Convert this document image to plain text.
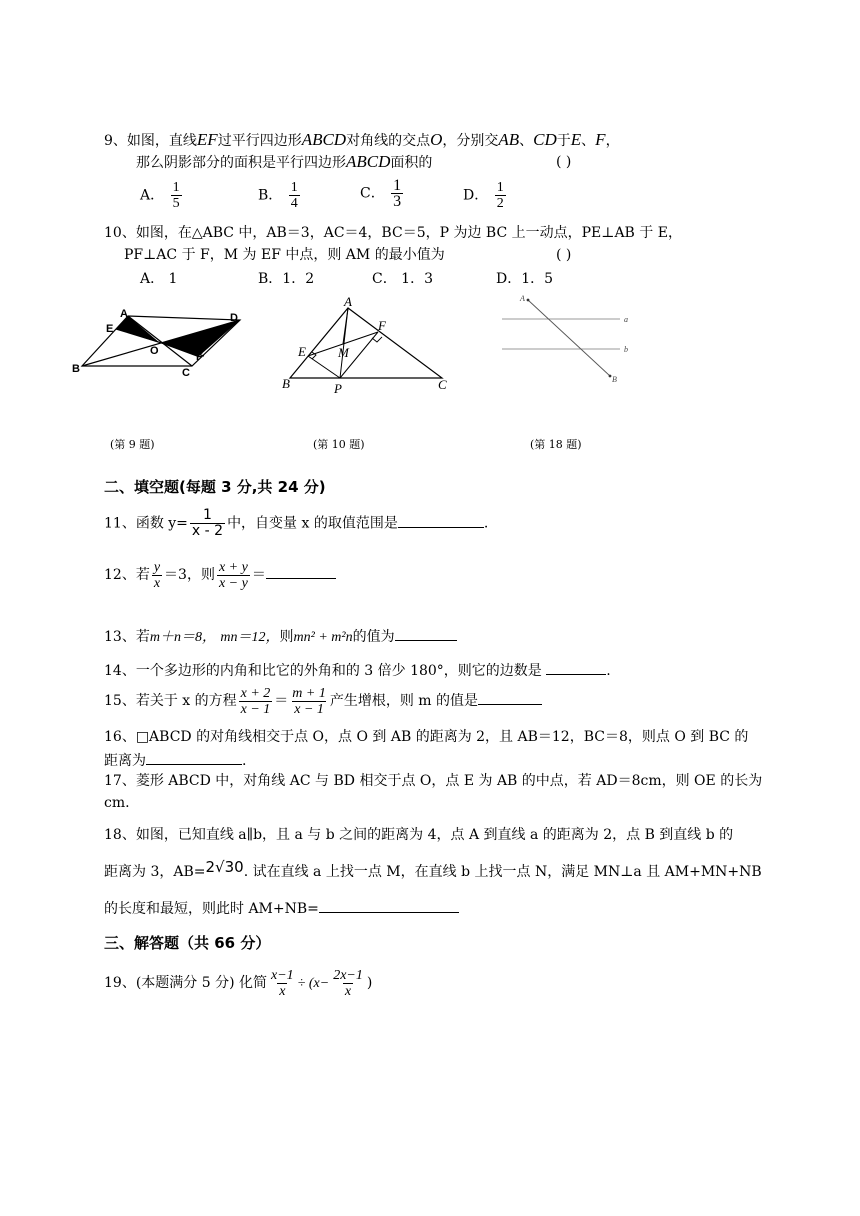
9、如图，直线EF过平行四边形ABCD对角线的交点O，分别交AB、CD于E、F，
那么阴影部分的面积是平行四边形ABCD面积的	( )
A． $\frac{1}{5}$	B． $\frac{1}{4}$	C． $\frac{1}{3}$	D． $\frac{1}{2}$
10、如图，在△ABC 中，AB＝3，AC＝4，BC＝5，P 为边 BC 上一动点，PE⊥AB 于 E，
PF⊥AC 于 F，M 为 EF 中点，则 AM 的最小值为	( )
A． 1	B．1．2	C． 1．3	D．1．5
A
E
B
D
O	F
C
A
F
E M
B	P	C
A
B
a
b
(第 9 题)	(第 10 题)	(第 18 题)
二、填空题(每题 3 分,共 24 分)
11、函数 $y= \frac{1}{x - 2}$ 中，自变量 x 的取值范围是	.
12、若 $\frac{y}{x} =3$，则 $\frac{x + y}{x - y}$ ＝
13、若m＋n＝8， mn＝12，则mn² + m²n的值为
14、一个多边形的内角和比它的外角和的 3 倍少 180°，则它的边数是	.
15、若关于 x 的方程 $\frac{x + 2}{x - 1} = \frac{m + 1}{x - 1}$ 产生增根，则 m 的值是
16、□ABCD 的对角线相交于点 O，点 O 到 AB 的距离为 2，且 AB＝12，BC＝8，则点 O 到 BC 的
距离为	.
17、菱形 ABCD 中，对角线 AC 与 BD 相交于点 O，点 E 为 AB 的中点，若 AD＝8cm，则 OE 的长为
cm.
18、如图，已知直线 a∥b，且 a 与 b 之间的距离为 4，点 A 到直线 a 的距离为 2，点 B 到直线 b 的
距离为 3，AB=2√30. 试在直线 a 上找一点 M，在直线 b 上找一点 N，满足 MN⊥a 且 AM+MN+NB
的长度和最短，则此时 AM+NB=
三、解答题（共 66 分）
19、(本题满分 5 分) 化简 $\frac{x-1}{x} \div (x- \frac{2x-1}{x}$ )
